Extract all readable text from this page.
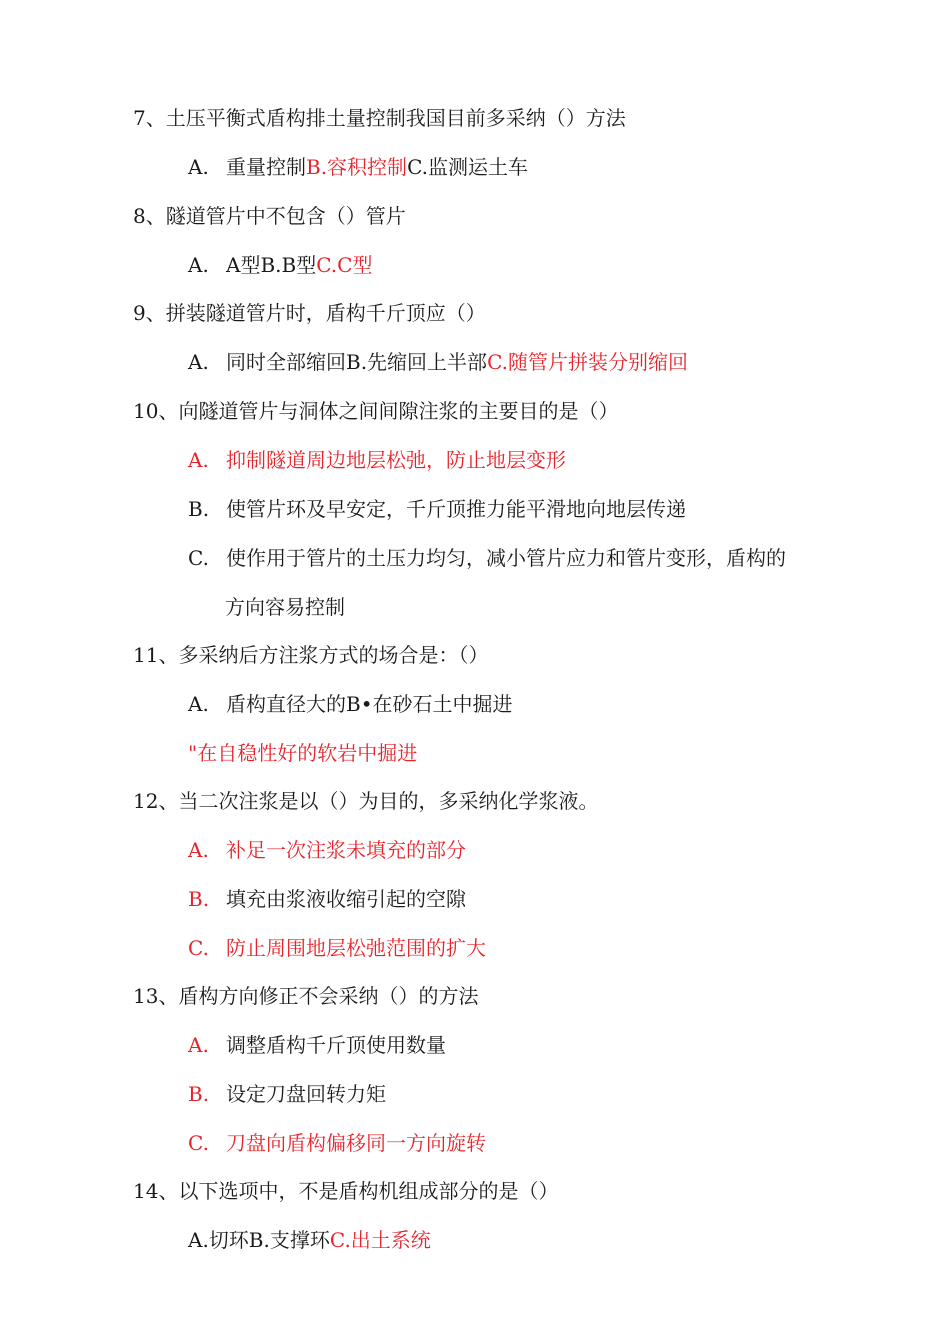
7、土压平衡式盾构排土量控制我国目前多采纳（）方法
A. 重量控制B.容积控制C.监测运土车
8、隧道管片中不包含（）管片
A. A型B.B型C.C型
9、拼装隧道管片时，盾构千斤顶应（）
A. 同时全部缩回B.先缩回上半部C.随管片拼装分别缩回
10、向隧道管片与洞体之间间隙注浆的主要目的是（）
A. 抑制隧道周边地层松弛，防止地层变形
B. 使管片环及早安定，千斤顶推力能平滑地向地层传递
C. 使作用于管片的土压力均匀，减小管片应力和管片变形，盾构的
方向容易控制
11、多采纳后方注浆方式的场合是：（）
A. 盾构直径大的B•在砂石土中掘进
"在自稳性好的软岩中掘进
12、当二次注浆是以（）为目的，多采纳化学浆液。
A. 补足一次注浆未填充的部分
B. 填充由浆液收缩引起的空隙
C. 防止周围地层松弛范围的扩大
13、盾构方向修正不会采纳（）的方法
A. 调整盾构千斤顶使用数量
B. 设定刀盘回转力矩
C. 刀盘向盾构偏移同一方向旋转
14、以下选项中，不是盾构机组成部分的是（）
A.切环B.支撑环C.出土系统
